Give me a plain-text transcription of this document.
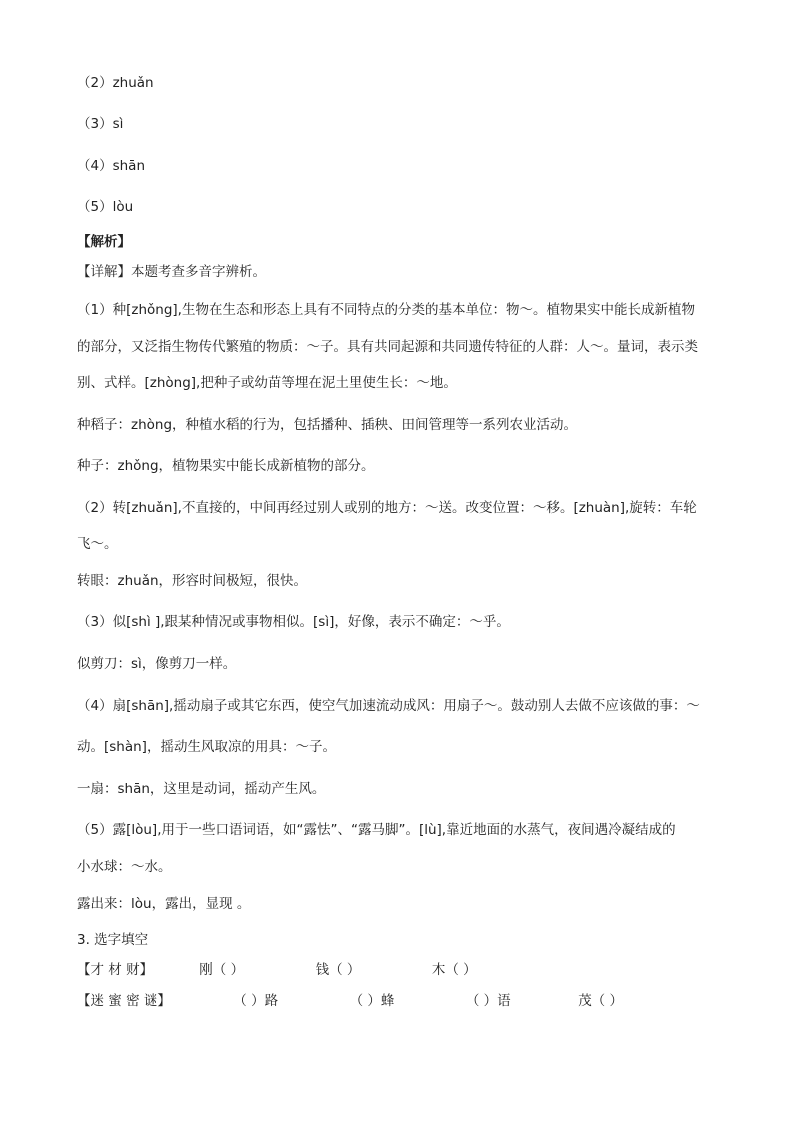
（2）zhuǎn
（3）sì
（4）shān
（5）lòu
【解析】
【详解】本题考查多音字辨析。
（1）种[zhǒng],生物在生态和形态上具有不同特点的分类的基本单位：物～。植物果实中能长成新植物
的部分，又泛指生物传代繁殖的物质：～子。具有共同起源和共同遗传特征的人群：人～。量词，表示类
别、式样。[zhòng],把种子或幼苗等埋在泥土里使生长：～地。
种稻子：zhòng，种植水稻的行为，包括播种、插秧、田间管理等一系列农业活动。
种子：zhǒng，植物果实中能长成新植物的部分。
（2）转[zhuǎn],不直接的，中间再经过别人或别的地方：～送。改变位置：～移。[zhuàn],旋转：车轮
飞～。
转眼：zhuǎn，形容时间极短，很快。
（3）似[shì ],跟某种情况或事物相似。[sì]，好像，表示不确定：～乎。
似剪刀：sì，像剪刀一样。
（4）扇[shān],摇动扇子或其它东西，使空气加速流动成风：用扇子～。鼓动别人去做不应该做的事：～
动。[shàn]，摇动生风取凉的用具：～子。
一扇：shān，这里是动词，摇动产生风。
（5）露[lòu],用于一些口语词语，如“露怯”、“露马脚”。[lù],靠近地面的水蒸气，夜间遇冷凝结成的
小水球：～水。
露出来：lòu，露出，显现 。
3. 选字填空
【才 材 财】	刚（ ）	钱（ ）	木（ ）
【迷 蜜 密 谜】	（ ）路	（ ）蜂	（ ）语	茂（ ）
